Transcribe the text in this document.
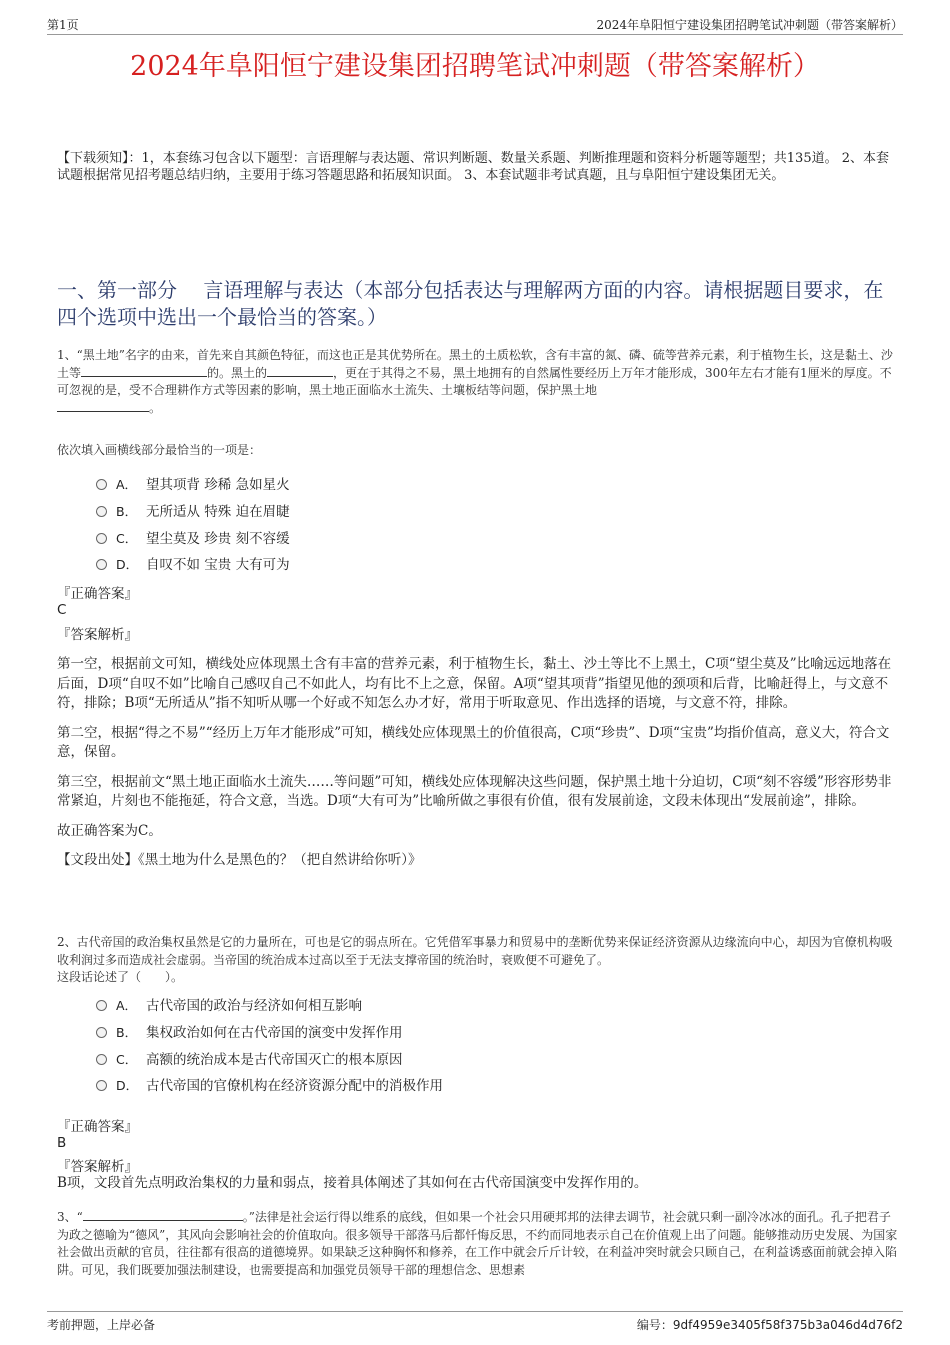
第1页	2024年阜阳恒宁建设集团招聘笔试冲刺题（带答案解析）
2024年阜阳恒宁建设集团招聘笔试冲刺题（带答案解析）
【下载须知】：1，本套练习包含以下题型：言语理解与表达题、常识判断题、数量关系题、判断推理题和资料分析题等题型；共135道。 2、本套试题根据常见招考题总结归纳，主要用于练习答题思路和拓展知识面。 3、本套试题非考试真题，且与阜阳恒宁建设集团无关。
一、第一部分　 言语理解与表达（本部分包括表达与理解两方面的内容。请根据题目要求，在四个选项中选出一个最恰当的答案。）
1、“黑土地”名字的由来，首先来自其颜色特征，而这也正是其优势所在。黑土的土质松软，含有丰富的氮、磷、硫等营养元素，利于植物生长，这是黏土、沙土等	的。黑土的	，更在于其得之不易，黑土地拥有的自然属性要经历上万年才能形成，300年左右才能有1厘米的厚度。不可忽视的是，受不合理耕作方式等因素的影响，黑土地正面临水土流失、土壤板结等问题，保护黑土地
。
依次填入画横线部分最恰当的一项是：
A． 望其项背 珍稀 急如星火
B． 无所适从 特殊 迫在眉睫
C． 望尘莫及 珍贵 刻不容缓
D． 自叹不如 宝贵 大有可为
『正确答案』
C
『答案解析』

第一空，根据前文可知，横线处应体现黑土含有丰富的营养元素，利于植物生长，黏土、沙土等比不上黑土，C项“望尘莫及”比喻远远地落在后面，D项“自叹不如”比喻自己感叹自己不如此人，均有比不上之意，保留。A项“望其项背”指望见他的颈项和后背，比喻赶得上，与文意不符，排除；B项“无所适从”指不知听从哪一个好或不知怎么办才好，常用于听取意见、作出选择的语境，与文意不符，排除。

第二空，根据“得之不易”“经历上万年才能形成”可知，横线处应体现黑土的价值很高，C项“珍贵”、D项“宝贵”均指价值高，意义大，符合文意，保留。

第三空，根据前文“黑土地正面临水土流失……等问题”可知，横线处应体现解决这些问题，保护黑土地十分迫切，C项“刻不容缓”形容形势非常紧迫，片刻也不能拖延，符合文意，当选。D项“大有可为”比喻所做之事很有价值，很有发展前途，文段未体现出“发展前途”，排除。

故正确答案为C。

【文段出处】《黑土地为什么是黑色的？（把自然讲给你听）》

2、古代帝国的政治集权虽然是它的力量所在，可也是它的弱点所在。它凭借军事暴力和贸易中的垄断优势来保证经济资源从边缘流向中心，却因为官僚机构吸收利润过多而造成社会虚弱。当帝国的统治成本过高以至于无法支撑帝国的统治时，衰败便不可避免了。
这段话论述了（　　）。
A． 古代帝国的政治与经济如何相互影响
B． 集权政治如何在古代帝国的演变中发挥作用
C． 高额的统治成本是古代帝国灭亡的根本原因
D． 古代帝国的官僚机构在经济资源分配中的消极作用
『正确答案』
B
『答案解析』
B项，文段首先点明政治集权的力量和弱点，接着具体阐述了其如何在古代帝国演变中发挥作用的。
3、“	。”法律是社会运行得以维系的底线，但如果一个社会只用硬邦邦的法律去调节，社会就只剩一副冷冰冰的面孔。孔子把君子为政之德喻为“德风”，其风向会影响社会的价值取向。很多领导干部落马后都忏悔反思，不约而同地表示自己在价值观上出了问题。能够推动历史发展、为国家社会做出贡献的官员，往往都有很高的道德境界。如果缺乏这种胸怀和修养，在工作中就会斤斤计较，在利益冲突时就会只顾自己，在利益诱惑面前就会掉入陷阱。可见，我们既要加强法制建设，也需要提高和加强党员领导干部的理想信念、思想素
考前押题，上岸必备	编号：9df4959e3405f58f375b3a046d4d76f2
